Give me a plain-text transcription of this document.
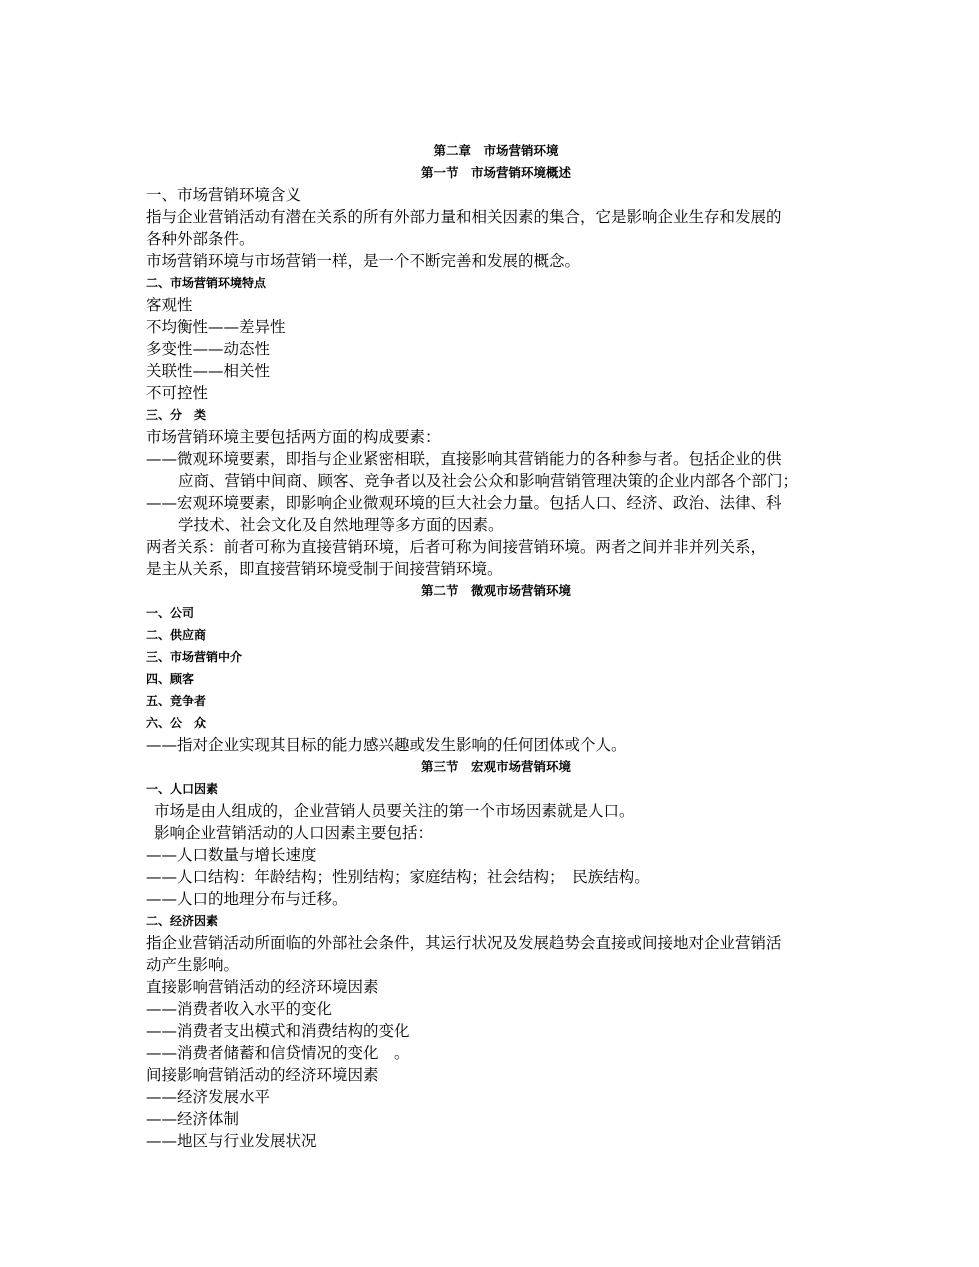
第二章　市场营销环境
第一节　市场营销环境概述
一、市场营销环境含义
指与企业营销活动有潜在关系的所有外部力量和相关因素的集合，它是影响企业生存和发展的
各种外部条件。
市场营销环境与市场营销一样，是一个不断完善和发展的概念。
二、市场营销环境特点
客观性
不均衡性——差异性
多变性——动态性
关联性——相关性
不可控性
三、分　类
市场营销环境主要包括两方面的构成要素：
——微观环境要素，即指与企业紧密相联，直接影响其营销能力的各种参与者。包括企业的供
应商、营销中间商、顾客、竞争者以及社会公众和影响营销管理决策的企业内部各个部门；
——宏观环境要素，即影响企业微观环境的巨大社会力量。包括人口、经济、政治、法律、科
学技术、社会文化及自然地理等多方面的因素。
两者关系：前者可称为直接营销环境，后者可称为间接营销环境。两者之间并非并列关系，
是主从关系，即直接营销环境受制于间接营销环境。
第二节　微观市场营销环境
一、公司
二、供应商
三、市场营销中介
四、顾客
五、竞争者
六、公　众
——指对企业实现其目标的能力感兴趣或发生影响的任何团体或个人。
第三节　宏观市场营销环境
一、人口因素
市场是由人组成的，企业营销人员要关注的第一个市场因素就是人口。
影响企业营销活动的人口因素主要包括：
——人口数量与增长速度
——人口结构：年龄结构；性别结构；家庭结构；社会结构；　民族结构。
——人口的地理分布与迁移。
二、经济因素
指企业营销活动所面临的外部社会条件，其运行状况及发展趋势会直接或间接地对企业营销活
动产生影响。
直接影响营销活动的经济环境因素
——消费者收入水平的变化
——消费者支出模式和消费结构的变化
——消费者储蓄和信贷情况的变化　。
间接影响营销活动的经济环境因素
——经济发展水平
——经济体制
——地区与行业发展状况
